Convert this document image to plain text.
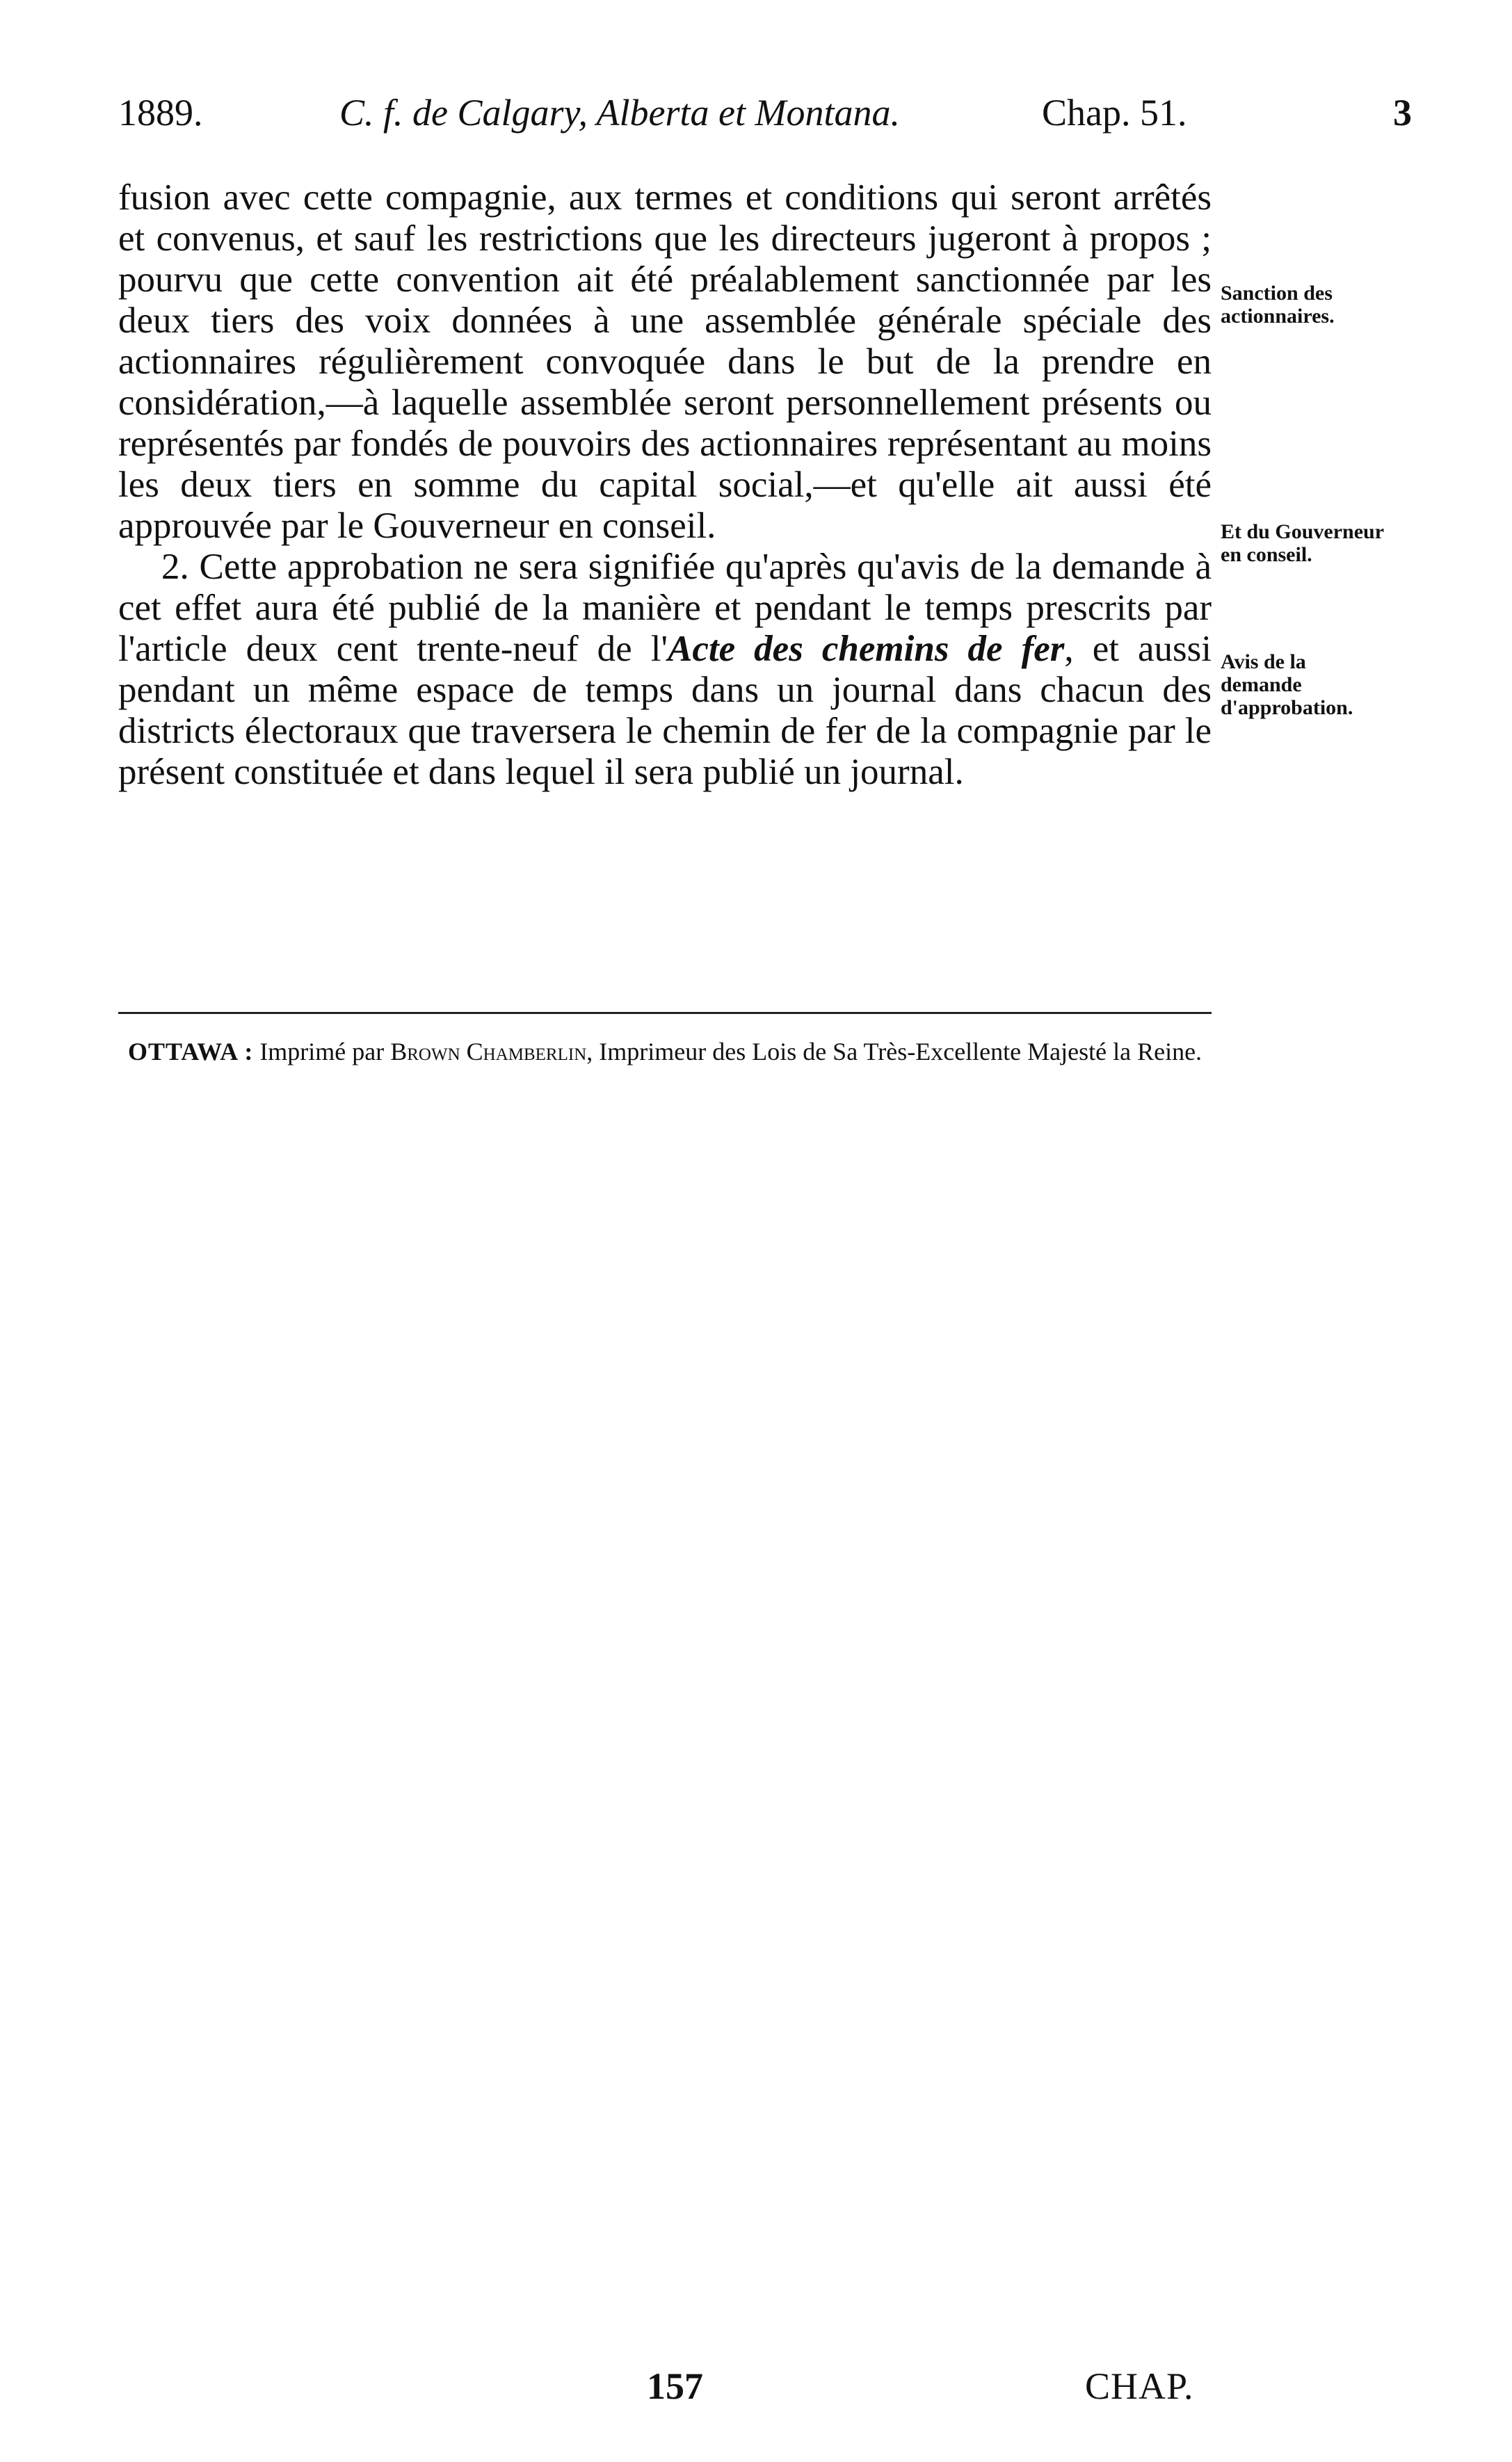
1889.	C. f. de Calgary, Alberta et Montana.	Chap. 51.	3

fusion avec cette compagnie, aux termes et conditions qui seront arrêtés et convenus, et sauf les restrictions que les directeurs jugeront à propos ; pourvu que cette convention ait été préalablement sanctionnée par les deux tiers des voix données à une assemblée générale spéciale des actionnaires régulièrement convoquée dans le but de la prendre en considération,—à laquelle assemblée seront personnellement présents ou représentés par fondés de pouvoirs des actionnaires représentant au moins les deux tiers en somme du capital social,—et qu'elle ait aussi été approuvée par le Gouverneur en conseil.

2. Cette approbation ne sera signifiée qu'après qu'avis de la demande à cet effet aura été publié de la manière et pendant le temps prescrits par l'article deux cent trente-neuf de l'Acte des chemins de fer, et aussi pendant un même espace de temps dans un journal dans chacun des districts électoraux que traversera le chemin de fer de la compagnie par le présent constituée et dans lequel il sera publié un journal.

Sanction des actionnaires.
Et du Gouverneur en conseil.
Avis de la demande d'approbation.
OTTAWA : Imprimé par Brown Chamberlin, Imprimeur des Lois de Sa Très-Excellente Majesté la Reine.
157	CHAP.
